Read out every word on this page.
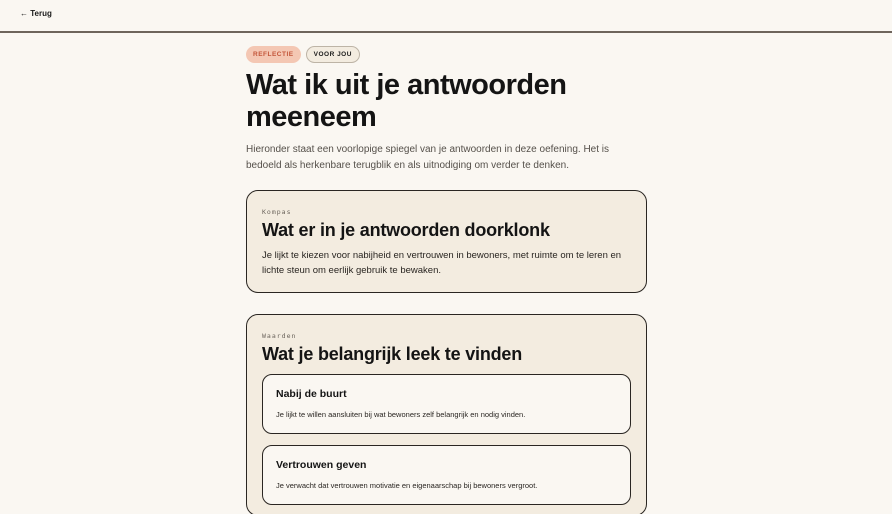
← Terug
REFLECTIE	VOOR JOU
Wat ik uit je antwoorden meeneem

Hieronder staat een voorlopige spiegel van je antwoorden in deze oefening. Het is bedoeld als herkenbare terugblik en als uitnodiging om verder te denken.

Kompas
Wat er in je antwoorden doorklonk

Je lijkt te kiezen voor nabijheid en vertrouwen in bewoners, met ruimte om te leren en lichte steun om eerlijk gebruik te bewaken.

Waarden
Wat je belangrijk leek te vinden
Nabij de buurt

Je lijkt te willen aansluiten bij wat bewoners zelf belangrijk en nodig vinden.

Vertrouwen geven

Je verwacht dat vertrouwen motivatie en eigenaarschap bij bewoners vergroot.
